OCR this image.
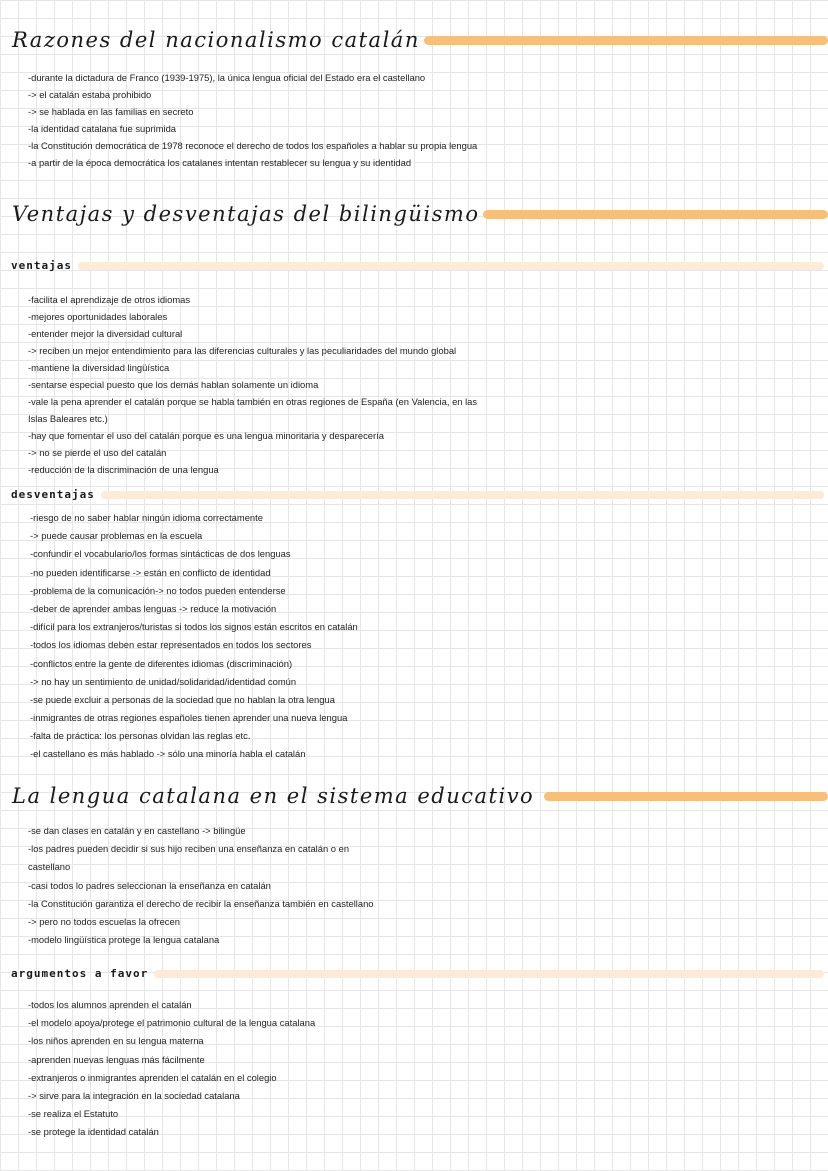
Razones del nacionalismo catalán
-durante la dictadura de Franco (1939-1975), la única lengua oficial del Estado era el castellano
-> el catalán estaba prohibido
-> se hablada en las familias en secreto
-la identidad catalana fue suprimida
-la Constitución democrática de 1978 reconoce el derecho de todos los españoles a hablar su propia lengua
-a partir de la época democrática los catalanes intentan restablecer su lengua y su identidad
Ventajas y desventajas del bilingüismo
ventajas
-facilita el aprendizaje de otros idiomas
-mejores oportunidades laborales
-entender mejor la diversidad cultural
-> reciben un mejor entendimiento para las diferencias culturales y las peculiaridades del mundo global
-mantiene la diversidad lingüística
-sentarse especial puesto que los demás hablan solamente un idioma
-vale la pena aprender el catalán porque se habla también en otras regiones de España (en Valencia, en las
Islas Baleares etc.)
-hay que fomentar el uso del catalán porque es una lengua minoritaria y desparecería
-> no se pierde el uso del catalán
-reducción de la discriminación de una lengua
desventajas
-riesgo de no saber hablar ningún idioma correctamente
-> puede causar problemas en la escuela
-confundir el vocabulario/los formas sintácticas de dos lenguas
-no pueden identificarse -> están en conflicto de identidad
-problema de la comunicación-> no todos pueden entenderse
-deber de aprender ambas lenguas -> reduce la motivación
-difícil para los extranjeros/turistas si todos los signos están escritos en catalán
-todos los idiomas deben estar representados en todos los sectores
-conflictos entre la gente de diferentes idiomas (discriminación)
-> no hay un sentimiento de unidad/solidaridad/identidad común
-se puede excluir a personas de la sociedad que no hablan la otra lengua
-inmigrantes de otras regiones españoles tienen aprender una nueva lengua
-falta de práctica: los personas olvidan las reglas etc.
-el castellano es más hablado -> sólo una minoría habla el catalán
La lengua catalana en el sistema educativo
-se dan clases en catalán y en castellano -> bilingüe
-los padres pueden decidir si sus hijo reciben una enseñanza en catalán o en
castellano
-casi todos lo padres seleccionan la enseñanza en catalán
-la Constitución garantiza el derecho de recibir la enseñanza también en castellano
-> pero no todos escuelas la ofrecen
-modelo lingüística protege la lengua catalana
argumentos a favor
-todos los alumnos aprenden el catalán
-el modelo apoya/protege el patrimonio cultural de la lengua catalana
-los niños aprenden en su lengua materna
-aprenden nuevas lenguas más fácilmente
-extranjeros o inmigrantes aprenden el catalán en el colegio
-> sirve para la integración en la sociedad catalana
-se realiza el Estatuto
-se protege la identidad catalán
